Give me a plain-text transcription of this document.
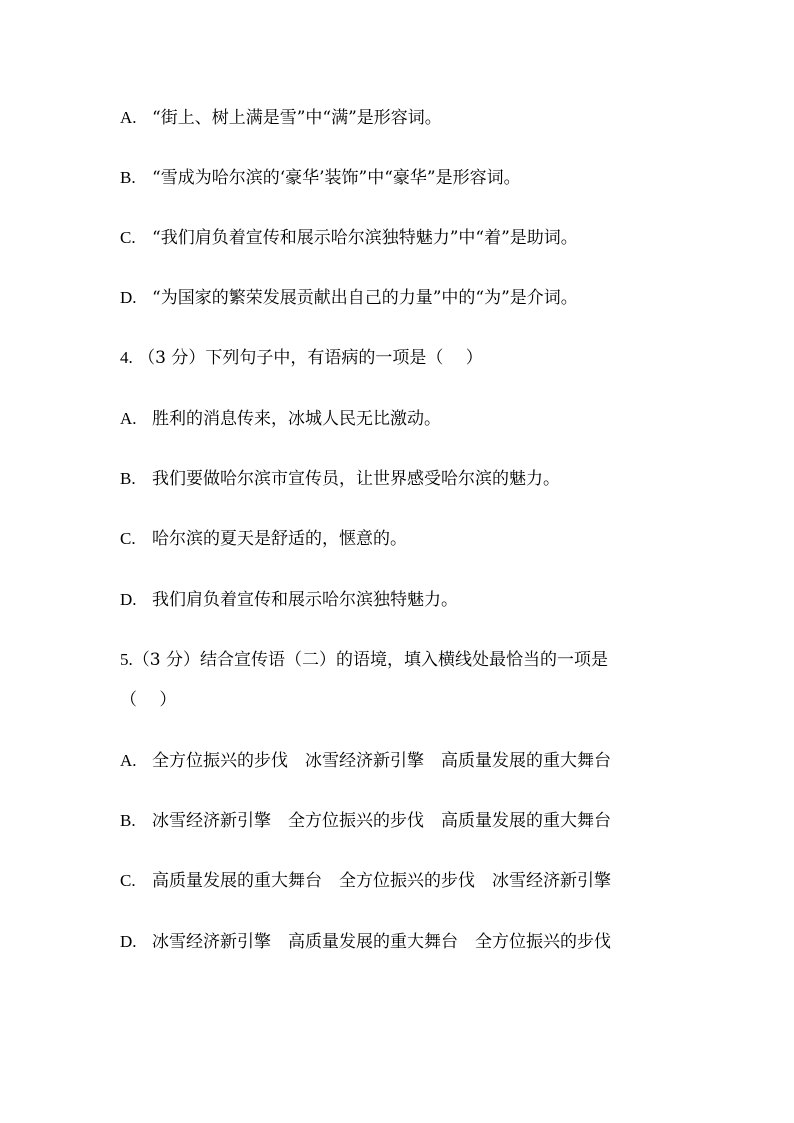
A. “街上、树上满是雪”中“满”是形容词。
B. “雪成为哈尔滨的‘豪华’装饰”中“豪华”是形容词。
C. “我们肩负着宣传和展示哈尔滨独特魅力”中“着”是助词。
D. “为国家的繁荣发展贡献出自己的力量”中的“为”是介词。
4. （3 分）下列句子中，有语病的一项是（　 ）
A. 胜利的消息传来，冰城人民无比激动。
B. 我们要做哈尔滨市宣传员，让世界感受哈尔滨的魅力。
C. 哈尔滨的夏天是舒适的，惬意的。
D. 我们肩负着宣传和展示哈尔滨独特魅力。
5.（3 分）结合宣传语（二）的语境，填入横线处最恰当的一项是
（　 ）
A. 全方位振兴的步伐　冰雪经济新引擎　高质量发展的重大舞台
B. 冰雪经济新引擎　全方位振兴的步伐　高质量发展的重大舞台
C. 高质量发展的重大舞台　全方位振兴的步伐　冰雪经济新引擎
D. 冰雪经济新引擎　高质量发展的重大舞台　全方位振兴的步伐
